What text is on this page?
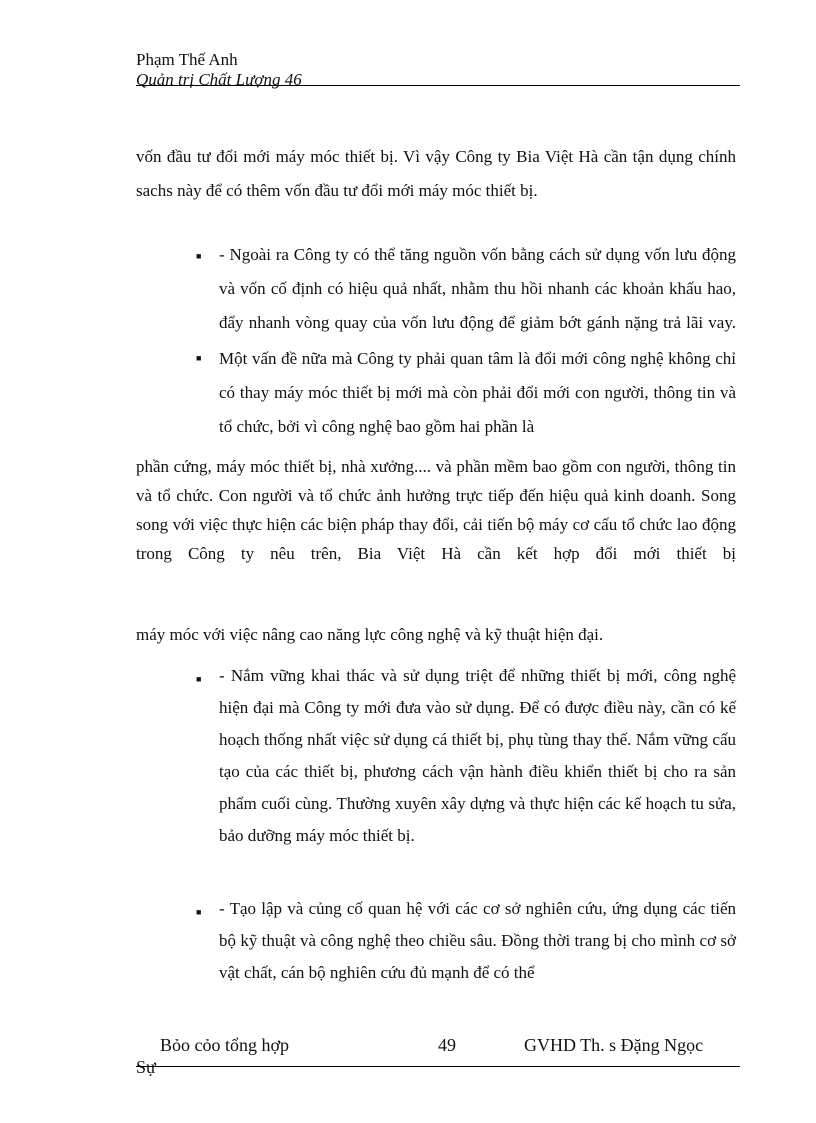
Phạm Thế Anh
Quản trị Chất Lượng 46

vốn đầu tư đổi mới máy móc thiết bị. Vì vậy Công ty Bia Việt Hà cần tận dụng chính sachs này để có thêm vốn đầu tư đổi mới máy móc thiết bị.

■ - Ngoài ra Công ty có thể tăng nguồn vốn bằng cách sử dụng vốn lưu động và vốn cố định có hiệu quả nhất, nhằm thu hồi nhanh các khoản khấu hao, đẩy nhanh vòng quay của vốn lưu động để giảm bớt gánh nặng trả lãi vay.

■ Một vấn đề nữa mà Công ty phải quan tâm là đổi mới công nghệ không chỉ có thay máy móc thiết bị mới mà còn phải đổi mới con người, thông tin và tổ chức, bởi vì công nghệ bao gồm hai phần là

phần cứng, máy móc thiết bị, nhà xưởng.... và phần mềm bao gồm con người, thông tin và tổ chức. Con người và tổ chức ảnh hưởng trực tiếp đến hiệu quả kinh doanh. Song song với việc thực hiện các biện pháp thay đổi, cải tiến bộ máy cơ cấu tổ chức lao động trong Công ty nêu trên, Bia Việt Hà cần kết hợp đổi mới thiết bị

máy móc với việc nâng cao năng lực công nghệ và kỹ thuật hiện đại.

■ - Nắm vững khai thác và sử dụng triệt để những thiết bị mới, công nghệ hiện đại mà Công ty mới đưa vào sử dụng. Để có được điều này, cần có kế hoạch thống nhất việc sử dụng cá thiết bị, phụ tùng thay thế. Nắm vững cấu tạo của các thiết bị, phương cách vận hành điều khiển thiết bị cho ra sản phẩm cuối cùng. Thường xuyên xây dựng và thực hiện các kế hoạch tu sửa, bảo dưỡng máy móc thiết bị.

■ - Tạo lập và củng cố quan hệ với các cơ sở nghiên cứu, ứng dụng các tiến bộ kỹ thuật và công nghệ theo chiều sâu. Đồng thời trang bị cho mình cơ sở vật chất, cán bộ nghiên cứu đủ mạnh để có thể

Bỏo cỏo tổng hợp	49	GVHD Th. s Đặng Ngọc
Sự
